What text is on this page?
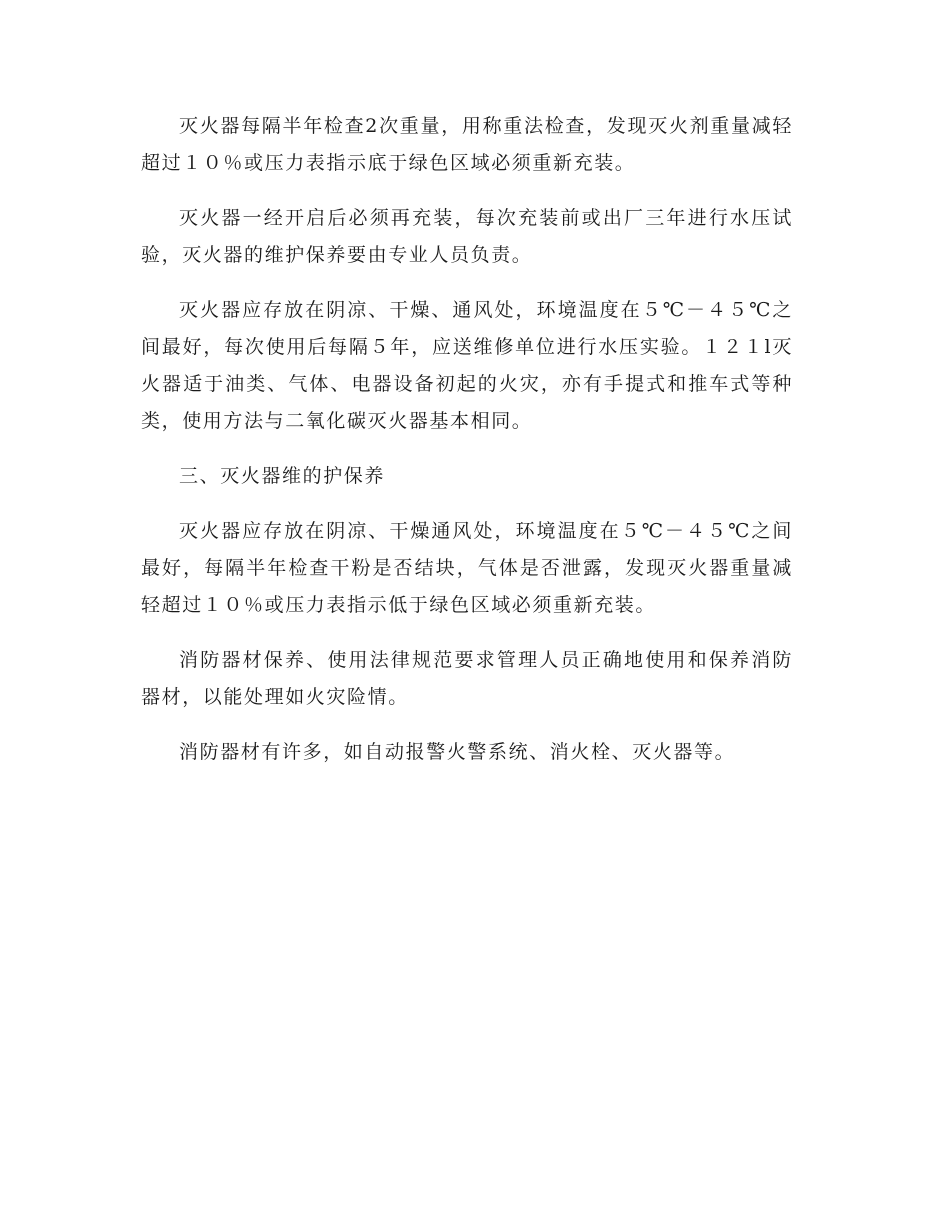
灭火器每隔半年检查2次重量，用称重法检查，发现灭火剂重量减轻超过１０％或压力表指示底于绿色区域必须重新充装。

灭火器一经开启后必须再充装，每次充装前或出厂三年进行水压试验，灭火器的维护保养要由专业人员负责。

灭火器应存放在阴凉、干燥、通风处，环境温度在５℃－４５℃之间最好，每次使用后每隔５年，应送维修单位进行水压实验。１２１l灭火器适于油类、气体、电器设备初起的火灾，亦有手提式和推车式等种类，使用方法与二氧化碳灭火器基本相同。

三、灭火器维的护保养

灭火器应存放在阴凉、干燥通风处，环境温度在５℃－４５℃之间最好，每隔半年检查干粉是否结块，气体是否泄露，发现灭火器重量减轻超过１０％或压力表指示低于绿色区域必须重新充装。

消防器材保养、使用法律规范要求管理人员正确地使用和保养消防器材，以能处理如火灾险情。

消防器材有许多，如自动报警火警系统、消火栓、灭火器等。
